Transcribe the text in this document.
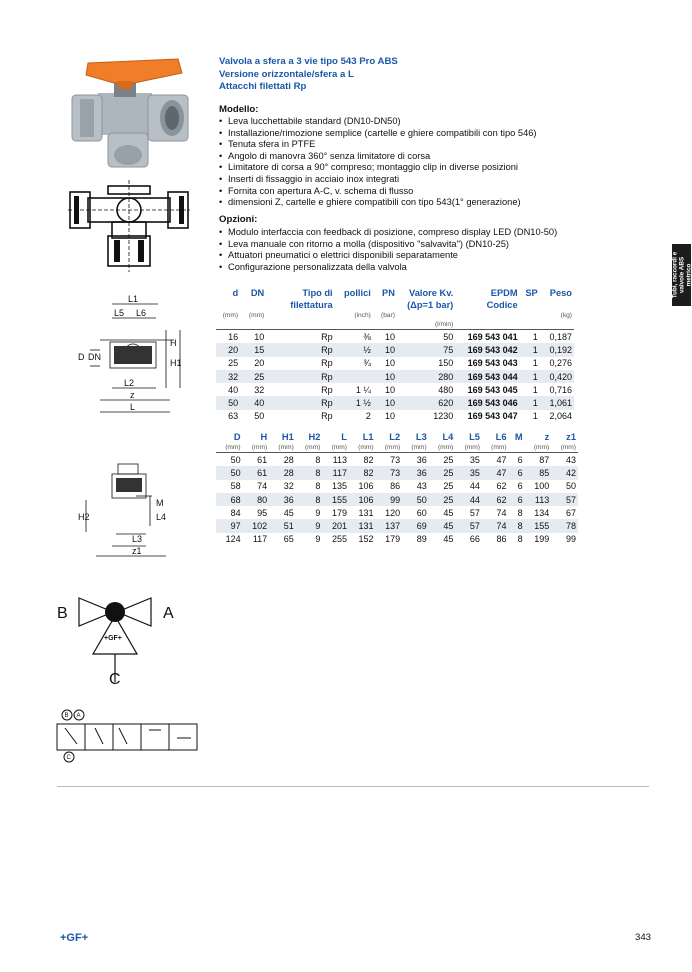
Valvola a sfera a 3 vie tipo 543 Pro ABS
Versione orizzontale/sfera a L
Attacchi filettati Rp
Modello:
• Leva lucchettabile standard (DN10-DN50)
• Installazione/rimozione semplice (cartelle e ghiere compatibili con tipo 546)
• Tenuta sfera in PTFE
• Angolo di manovra 360° senza limitatore di corsa
• Limitatore di corsa a 90° compreso; montaggio clip in diverse posizioni
• Inserti di fissaggio in acciaio inox integrati
• Fornita con apertura A-C, v. schema di flusso
• dimensioni Z, cartelle e ghiere compatibili con tipo 543(1° generazione)
Opzioni:
• Modulo interfaccia con feedback di posizione, compreso display LED (DN10-50)
• Leva manuale con ritorno a molla (dispositivo "salvavita") (DN10-25)
• Attuatori pneumatici o elettrici disponibili separatamente
• Configurazione personalizzata della valvola
d	DN	Tipo di	pollici	PN	Valore Kv.	EPDM	SP	Peso
		filettatura			(Δp=1 bar)	Codice		
(mm)	(mm)		(inch)	(bar)				(kg)
					(l/min)			
16	10	Rp	⅜	10	50	169 543 041	1	0,187
20	15	Rp	½	10	75	169 543 042	1	0,192
25	20	Rp	¾	10	150	169 543 043	1	0,276
32	25	Rp		10	280	169 543 044	1	0,420
40	32	Rp	1 ¼	10	480	169 543 045	1	0,716
50	40	Rp	1 ½	10	620	169 543 046	1	1,061
63	50	Rp	2	10	1230	169 543 047	1	2,064
D	H	H1	H2	L	L1	L2	L3	L4	L5	L6	M	z	z1
(mm)	(mm)	(mm)	(mm)	(mm)	(mm)	(mm)	(mm)	(mm)	(mm)	(mm)		(mm)	(mm)
50	61	28	8	113	82	73	36	25	35	47	6	87	43
50	61	28	8	117	82	73	36	25	35	47	6	85	42
58	74	32	8	135	106	86	43	25	44	62	6	100	50
68	80	36	8	155	106	99	50	25	44	62	6	113	57
84	95	45	9	179	131	120	60	45	57	74	8	134	67
97	102	51	9	201	131	137	69	45	57	74	8	155	78
124	117	65	9	255	152	179	89	45	66	86	8	199	99
L1
L5 L6
D DN
H
H1
L2
z
L
H2
M
L4
L3
z1
B	A
C
+GF+
B A
C
Tubi, raccordi e valvole ABS metrico
+GF+	343
